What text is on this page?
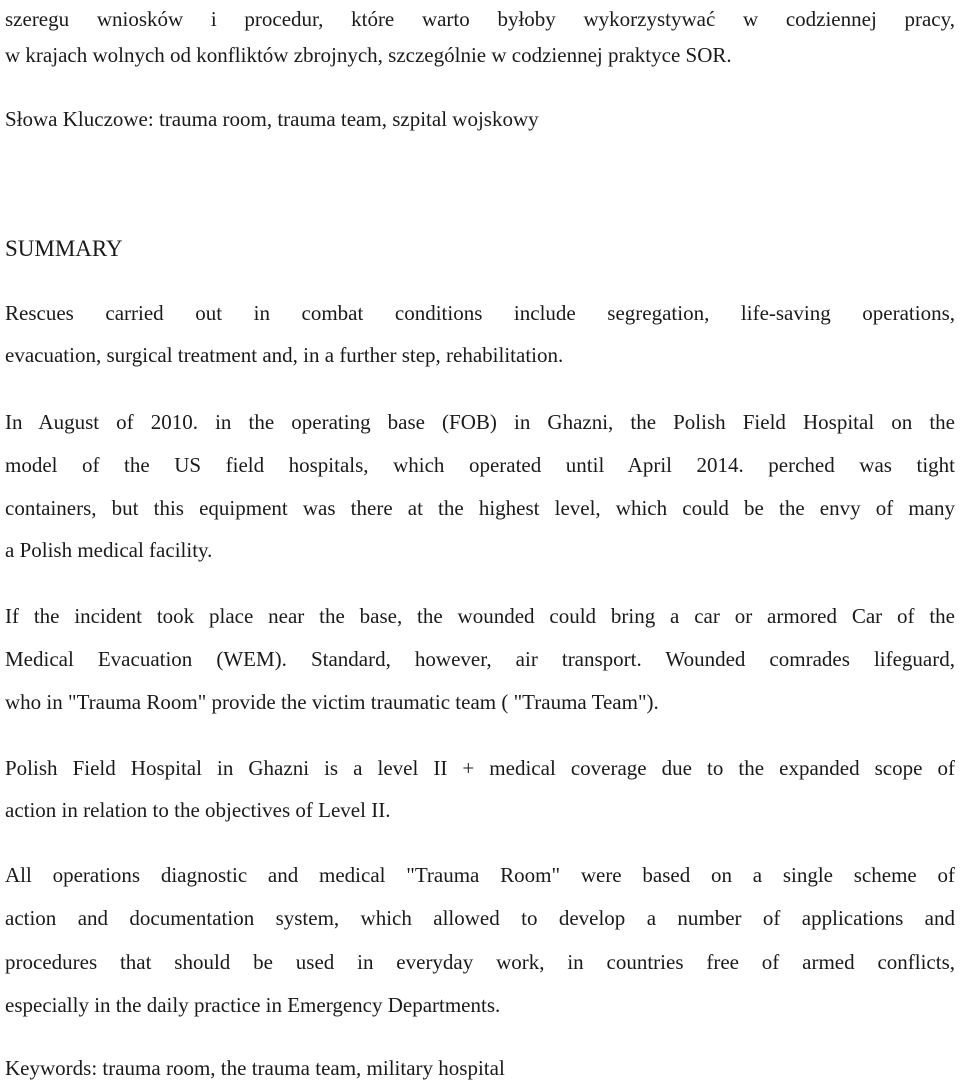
szeregu wniosków i procedur, które warto byłoby wykorzystywać w codziennej pracy,
w krajach wolnych od konfliktów zbrojnych, szczególnie w codziennej praktyce SOR.
Słowa Kluczowe: trauma room, trauma team, szpital wojskowy
SUMMARY
Rescues carried out in combat conditions include segregation, life-saving operations,
evacuation, surgical treatment and, in a further step, rehabilitation.
In August of 2010. in the operating base (FOB) in Ghazni, the Polish Field Hospital on the
model of the US field hospitals, which operated until April 2014. perched was tight
containers, but this equipment was there at the highest level, which could be the envy of many
a Polish medical facility.
If the incident took place near the base, the wounded could bring a car or armored Car of the
Medical Evacuation (WEM). Standard, however, air transport. Wounded comrades lifeguard,
who in "Trauma Room" provide the victim traumatic team ( "Trauma Team").
Polish Field Hospital in Ghazni is a level II + medical coverage due to the expanded scope of
action in relation to the objectives of Level II.
All operations diagnostic and medical "Trauma Room" were based on a single scheme of
action and documentation system, which allowed to develop a number of applications and
procedures that should be used in everyday work, in countries free of armed conflicts,
especially in the daily practice in Emergency Departments.
Keywords: trauma room, the trauma team, military hospital
